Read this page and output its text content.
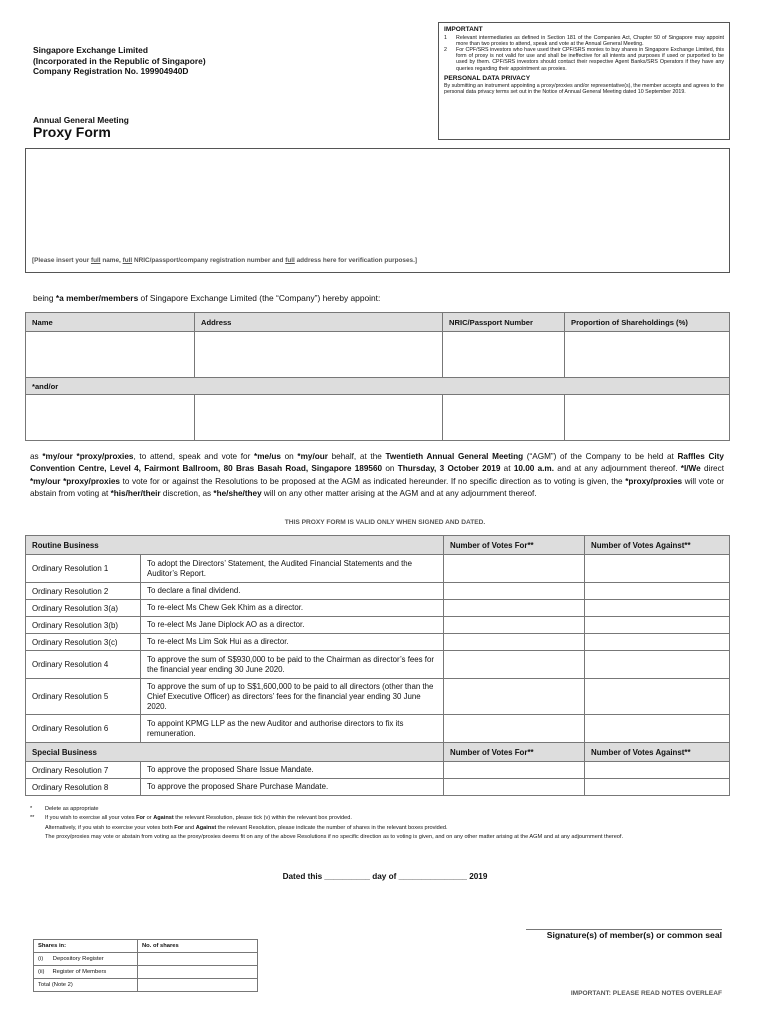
Singapore Exchange Limited
(Incorporated in the Republic of Singapore)
Company Registration No. 199904940D
Annual General Meeting
Proxy Form
IMPORTANT
1	Relevant intermediaries as defined in Section 181 of the Companies Act, Chapter 50 of Singapore may appoint more than two proxies to attend, speak and vote at the Annual General Meeting.
2	For CPF/SRS investors who have used their CPF/SRS monies to buy shares in Singapore Exchange Limited, this form of proxy is not valid for use and shall be ineffective for all intents and purposes if used or purported to be used by them. CPF/SRS investors should contact their respective Agent Banks/SRS Operators if they have any queries regarding their appointment as proxies.
PERSONAL DATA PRIVACY
By submitting an instrument appointing a proxy/proxies and/or representative(s), the member accepts and agrees to the personal data privacy terms set out in the Notice of Annual General Meeting dated 10 September 2019.
[Please insert your full name, full NRIC/passport/company registration number and full address here for verification purposes.]
being *a member/members of Singapore Exchange Limited (the “Company”) hereby appoint:
Name	Address	NRIC/Passport Number	Proportion of Shareholdings (%)

*and/or			

as *my/our *proxy/proxies, to attend, speak and vote for *me/us on *my/our behalf, at the Twentieth Annual General Meeting (“AGM”) of the Company to be held at Raffles City Convention Centre, Level 4, Fairmont Ballroom, 80 Bras Basah Road, Singapore 189560 on Thursday, 3 October 2019 at 10.00 a.m. and at any adjournment thereof. *I/We direct *my/our *proxy/proxies to vote for or against the Resolutions to be proposed at the AGM as indicated hereunder. If no specific direction as to voting is given, the *proxy/proxies will vote or abstain from voting at *his/her/their discretion, as *he/she/they will on any other matter arising at the AGM and at any adjournment thereof.
THIS PROXY FORM IS VALID ONLY WHEN SIGNED AND DATED.
Routine Business		Number of Votes For**	Number of Votes Against**
Ordinary Resolution 1	To adopt the Directors’ Statement, the Audited Financial Statements and the Auditor’s Report.		
Ordinary Resolution 2	To declare a final dividend.		
Ordinary Resolution 3(a)	To re-elect Ms Chew Gek Khim as a director.		
Ordinary Resolution 3(b)	To re-elect Ms Jane Diplock AO as a director.		
Ordinary Resolution 3(c)	To re-elect Ms Lim Sok Hui as a director.		
Ordinary Resolution 4	To approve the sum of S$930,000 to be paid to the Chairman as director’s fees for the financial year ending 30 June 2020.		
Ordinary Resolution 5	To approve the sum of up to S$1,600,000 to be paid to all directors (other than the Chief Executive Officer) as directors’ fees for the financial year ending 30 June 2020.		
Ordinary Resolution 6	To appoint KPMG LLP as the new Auditor and authorise directors to fix its remuneration.		
Special Business		Number of Votes For**	Number of Votes Against**
Ordinary Resolution 7	To approve the proposed Share Issue Mandate.		
Ordinary Resolution 8	To approve the proposed Share Purchase Mandate.		
*	Delete as appropriate
**	If you wish to exercise all your votes For or Against the relevant Resolution, please tick (v) within the relevant box provided.
Alternatively, if you wish to exercise your votes both For and Against the relevant Resolution, please indicate the number of shares in the relevant boxes provided.
The proxy/proxies may vote or abstain from voting as the proxy/proxies deems fit on any of the above Resolutions if no specific direction as to voting is given, and on any other matter arising at the AGM and at any adjournment thereof.
Dated this __________ day of _______________ 2019
Signature(s) of member(s) or common seal
Shares in:	No. of shares
(i)      Depository Register	
(ii)     Register of Members	
Total (Note 2)	
IMPORTANT: PLEASE READ NOTES OVERLEAF
